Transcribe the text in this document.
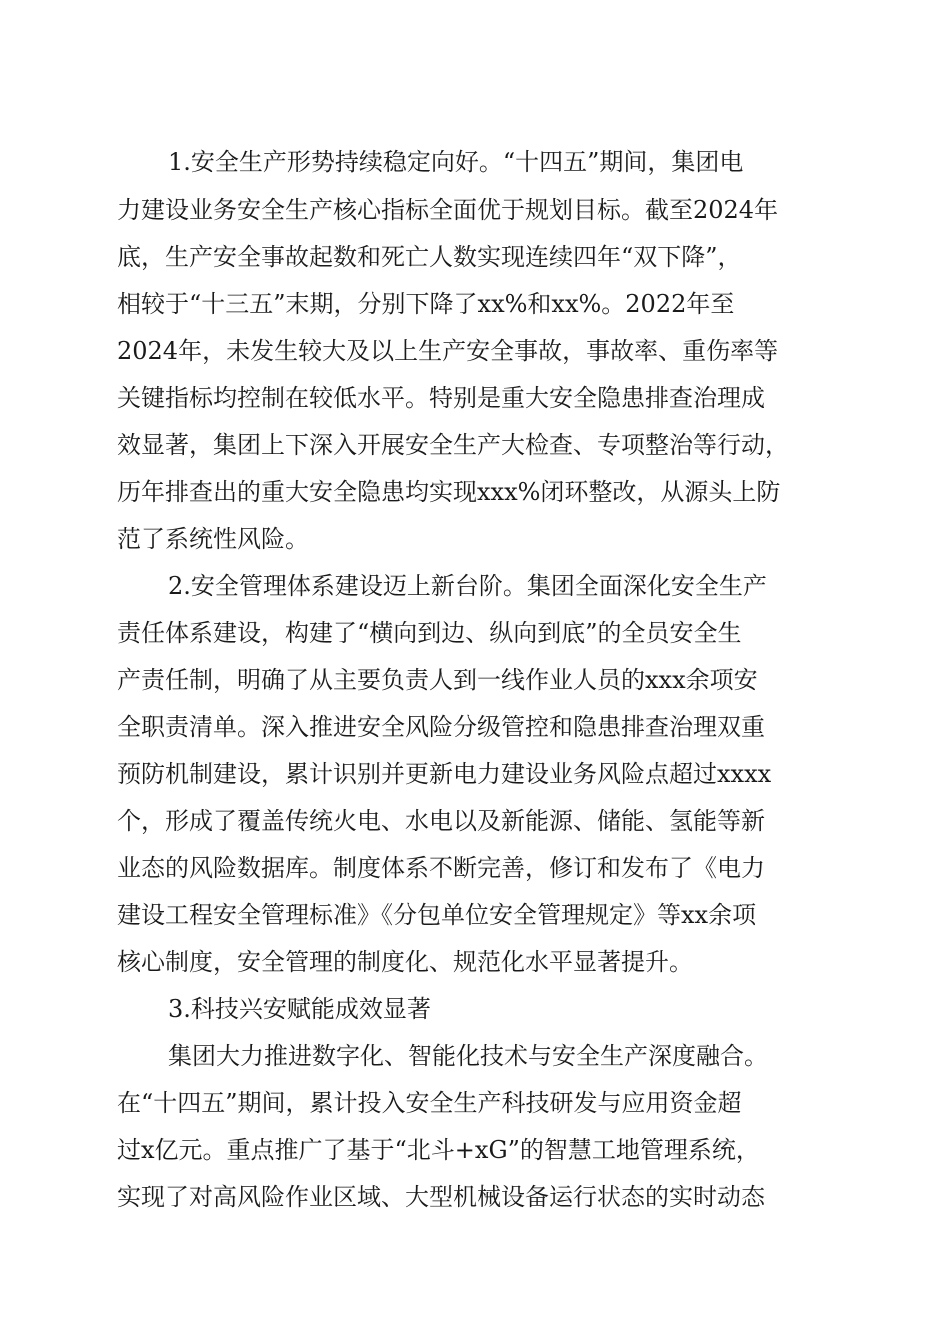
1.安全生产形势持续稳定向好。“十四五”期间，集团电
力建设业务安全生产核心指标全面优于规划目标。截至2024年
底，生产安全事故起数和死亡人数实现连续四年“双下降”，
相较于“十三五”末期，分别下降了xx%和xx%。2022年至
2024年，未发生较大及以上生产安全事故，事故率、重伤率等
关键指标均控制在较低水平。特别是重大安全隐患排查治理成
效显著，集团上下深入开展安全生产大检查、专项整治等行动，
历年排查出的重大安全隐患均实现xxx%闭环整改，从源头上防
范了系统性风险。
2.安全管理体系建设迈上新台阶。集团全面深化安全生产
责任体系建设，构建了“横向到边、纵向到底”的全员安全生
产责任制，明确了从主要负责人到一线作业人员的xxx余项安
全职责清单。深入推进安全风险分级管控和隐患排查治理双重
预防机制建设，累计识别并更新电力建设业务风险点超过xxxx
个，形成了覆盖传统火电、水电以及新能源、储能、氢能等新
业态的风险数据库。制度体系不断完善，修订和发布了《电力
建设工程安全管理标准》《分包单位安全管理规定》等xx余项
核心制度，安全管理的制度化、规范化水平显著提升。
3.科技兴安赋能成效显著
集团大力推进数字化、智能化技术与安全生产深度融合。
在“十四五”期间，累计投入安全生产科技研发与应用资金超
过x亿元。重点推广了基于“北斗+xG”的智慧工地管理系统，
实现了对高风险作业区域、大型机械设备运行状态的实时动态
